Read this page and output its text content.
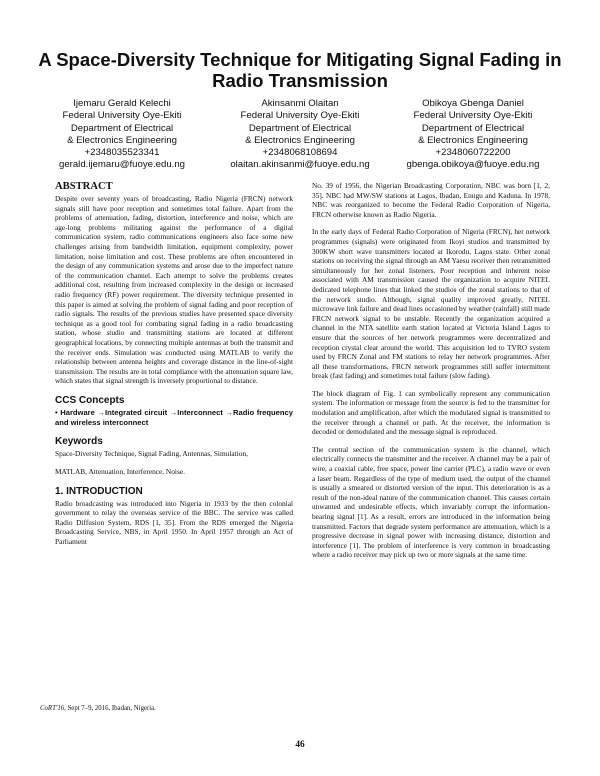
A Space-Diversity Technique for Mitigating Signal Fading in Radio Transmission
Ijemaru Gerald Kelechi
Federal University Oye-Ekiti
Department of Electrical
& Electronics Engineering
+2348035523341
gerald.ijemaru@fuoye.edu.ng
Akinsanmi Olaitan
Federal University Oye-Ekiti
Department of Electrical
& Electronics Engineering
+2348068108694
olaitan.akinsanmi@fuoye.edu.ng
Obikoya Gbenga Daniel
Federal University Oye-Ekiti
Department of Electrical
& Electronics Engineering
+2348060722200
gbenga.obikoya@fuoye.edu.ng
ABSTRACT

Despite over seventy years of broadcasting, Radio Nigeria (FRCN) network signals still have poor reception and sometimes total failure. Apart from the problems of attenuation, fading, distortion, interference and noise, which are age-long problems militating against the performance of a digital communication system, radio communications engineers also face some new challenges arising from bandwidth limitation, equipment complexity, power limitation, noise limitation and cost. These problems are often encountered in the design of any communication systems and arose due to the imperfect nature of the communication channel. Each attempt to solve the problems creates additional cost, resulting from increased complexity in the design or increased radio frequency (RF) power requirement. The diversity technique presented in this paper is aimed at solving the problem of signal fading and poor reception of radio signals. The results of the previous studies have presented space diversity technique as a good tool for combating signal fading in a radio broadcasting station, whose studio and transmitting stations are located at different geographical locations, by connecting multiple antennas at both the transmit and the receiver ends. Simulation was conducted using MATLAB to verify the relationship between antenna heights and coverage distance in the line-of-sight transmission. The results are in total compliance with the attenuation square law, which states that signal strength is inversely proportional to distance.

CCS Concepts

• Hardware →Integrated circuit →Interconnect →Radio frequency and wireless interconnect

Keywords

Space-Diversity Technique, Signal Fading, Antennas, Simulation,

MATLAB, Attenuation, Interference, Noise.

1. INTRODUCTION

Radio broadcasting was introduced into Nigeria in 1933 by the then colonial government to relay the overseas service of the BBC. The service was called Radio Diffusion System, RDS [1, 35]. From the RDS emerged the Nigeria Broadcasting Service, NBS, in April 1950. In April 1957 through an Act of Parliament

No. 39 of 1956, the Nigerian Broadcasting Corporation, NBC was born [1, 2, 35]. NBC had MW/SW stations at Lagos, Ibadan, Enugu and Kaduna. In 1978, NBC was reorganized to become the Federal Radio Corporation of Nigeria, FRCN otherwise known as Radio Nigeria.

In the early days of Federal Radio Corporation of Nigeria (FRCN), her network programmes (signals) were originated from Ikoyi studios and transmitted by 300KW short wave transmitters located at Ikorodu, Lagos state. Other zonal stations on receiving the signal through an AM Yaesu receiver then retransmitted simultaneously for her zonal listeners. Poor reception and inherent noise associated with AM transmission caused the organization to acquire NITEL dedicated telephone lines that linked the studios of the zonal stations to that of the network studio. Although, signal quality improved greatly, NITEL microwave link failure and dead lines occasioned by weather (rainfall) still made FRCN network signal to be unstable. Recently the organization acquired a channel in the NTA satellite earth station located at Victoria Island Lagos to ensure that the sources of her network programmes were decentralized and reception crystal clear around the world. This acquisition led to TVRO system used by FRCN Zonal and FM stations to relay her network programmes. After all these transformations, FRCN network programmes still suffer intermittent break (fast fading) and sometimes total failure (slow fading).

The block diagram of Fig. 1 can symbolically represent any communication system. The information or message from the source is fed to the transmitter for modulation and amplification, after which the modulated signal is transmitted to the receiver through a channel or path. At the receiver, the information is decoded or demodulated and the message signal is reproduced.

The central section of the communication system is the channel, which electrically connects the transmitter and the receiver. A channel may be a pair of wire, a coaxial cable, free space, power line carrier (PLC), a radio wave or even a laser beam. Regardless of the type of medium used, the output of the channel is usually a smeared or distorted version of the input. This deterioration is as a result of the non-ideal nature of the communication channel. This causes certain unwanted and undesirable effects, which invariably corrupt the information-bearing signal [1]. As a result, errors are introduced in the information being transmitted. Factors that degrade system performance are attenuation, which is a progressive decrease in signal power with increasing distance, distortion and interference [1]. The problem of interference is very common in broadcasting where a radio receiver may pick up two or more signals at the same time.

CoRT'16, Sept 7–9, 2016, Ibadan, Nigeria.
46
